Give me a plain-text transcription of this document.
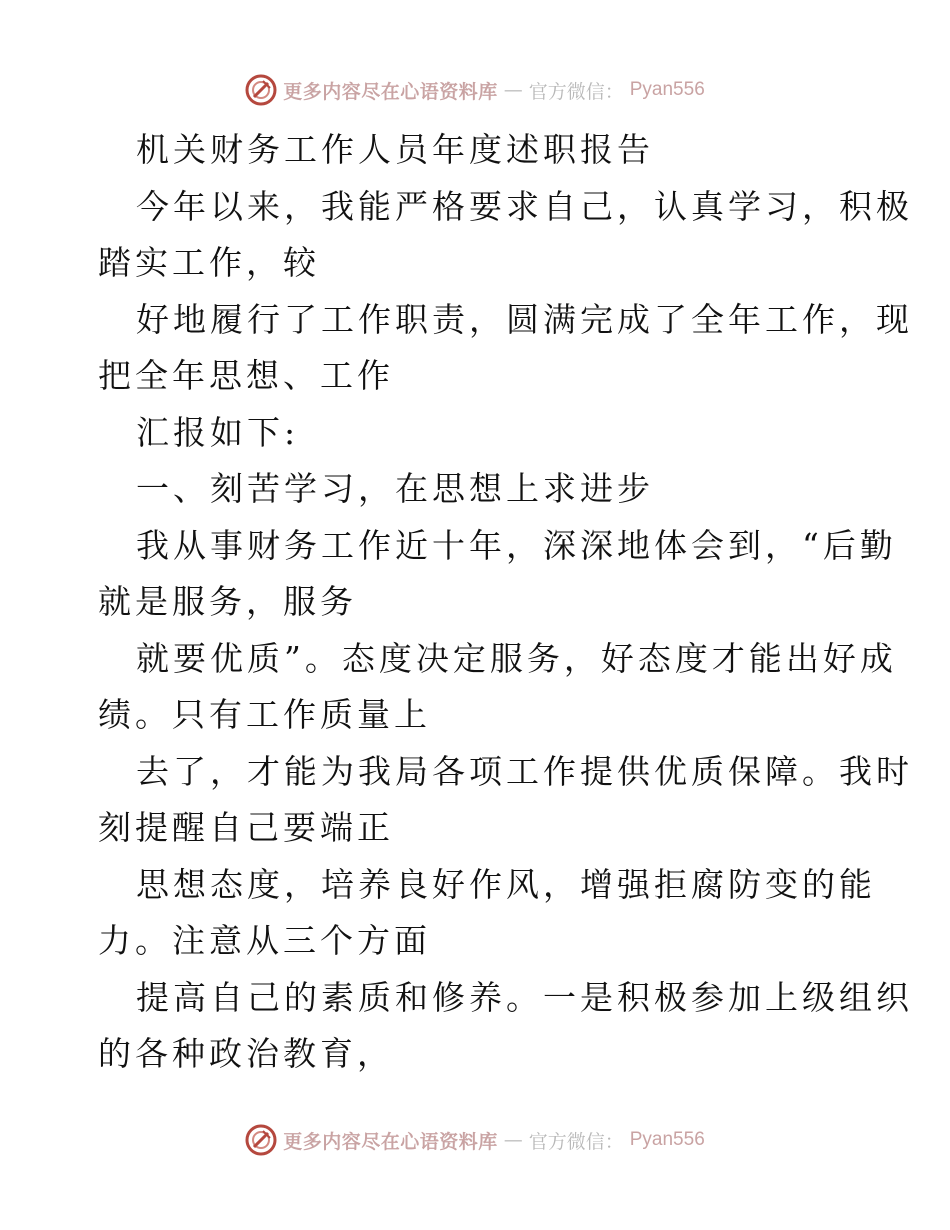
更多内容尽在心语资料库 — 官方微信： Pyan556

机关财务工作人员年度述职报告

今年以来，我能严格要求自己，认真学习，积极

踏实工作，较

好地履行了工作职责，圆满完成了全年工作，现

把全年思想、工作

汇报如下:

一、刻苦学习，在思想上求进步

我从事财务工作近十年，深深地体会到，“后勤

就是服务，服务

就要优质”。态度决定服务，好态度才能出好成

绩。只有工作质量上

去了，才能为我局各项工作提供优质保障。我时

刻提醒自己要端正

思想态度，培养良好作风，增强拒腐防变的能

力。注意从三个方面

提高自己的素质和修养。一是积极参加上级组织

的各种政治教育，

更多内容尽在心语资料库 — 官方微信： Pyan556
